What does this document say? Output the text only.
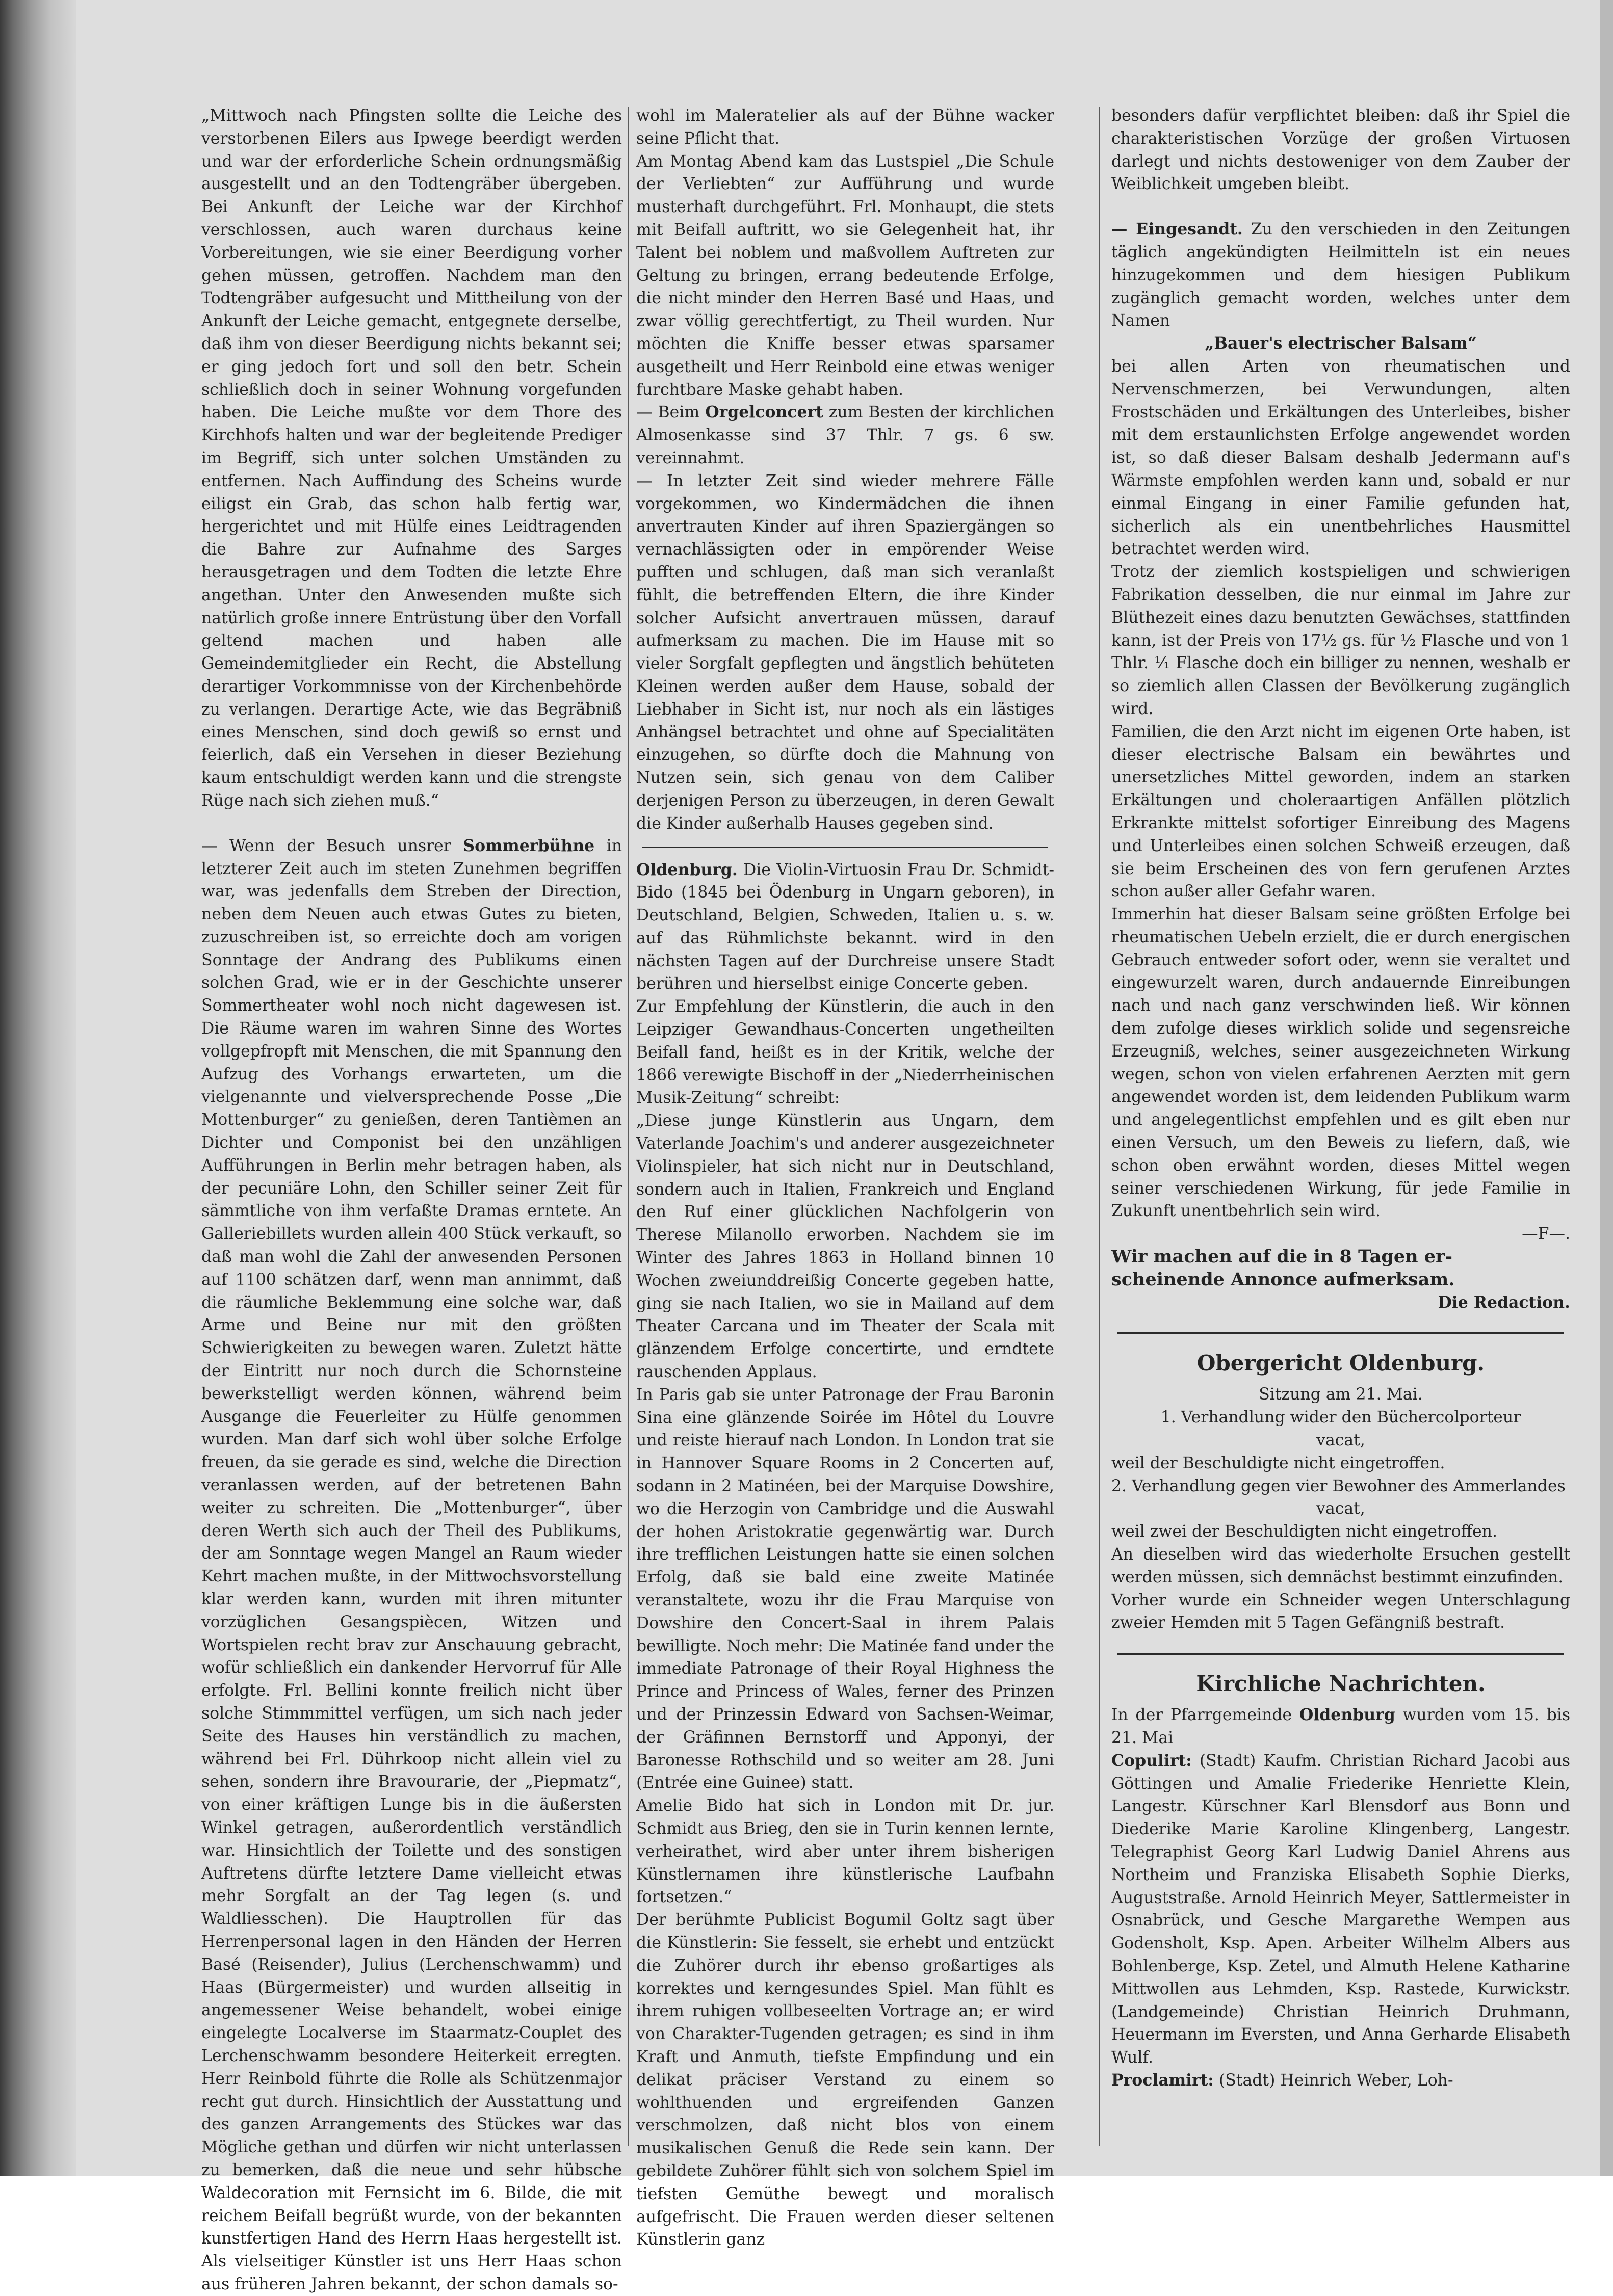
„Mittwoch nach Pfingsten sollte die Leiche des verstorbenen Eilers aus Ipwege beerdigt werden und war der erforderliche Schein ordnungsmäßig ausgestellt und an den Todtengräber übergeben. Bei Ankunft der Leiche war der Kirchhof verschlossen, auch waren durchaus keine Vorbereitungen, wie sie einer Beerdigung vorher gehen müssen, getroffen. Nachdem man den Todtengräber aufgesucht und Mittheilung von der Ankunft der Leiche gemacht, entgegnete derselbe, daß ihm von dieser Beerdigung nichts bekannt sei; er ging jedoch fort und soll den betr. Schein schließlich doch in seiner Wohnung vorgefunden haben. Die Leiche mußte vor dem Thore des Kirchhofs halten und war der begleitende Prediger im Begriff, sich unter solchen Umständen zu entfernen. Nach Auffindung des Scheins wurde eiligst ein Grab, das schon halb fertig war, hergerichtet und mit Hülfe eines Leidtragenden die Bahre zur Aufnahme des Sarges herausgetragen und dem Todten die letzte Ehre angethan. Unter den Anwesenden mußte sich natürlich große innere Entrüstung über den Vorfall geltend machen und haben alle Gemeindemitglieder ein Recht, die Abstellung derartiger Vorkommnisse von der Kirchenbehörde zu verlangen. Derartige Acte, wie das Begräbniß eines Menschen, sind doch gewiß so ernst und feierlich, daß ein Versehen in dieser Beziehung kaum entschuldigt werden kann und die strengste Rüge nach sich ziehen muß.“

— Wenn der Besuch unsrer Sommerbühne in letzterer Zeit auch im steten Zunehmen begriffen war, was jedenfalls dem Streben der Direction, neben dem Neuen auch etwas Gutes zu bieten, zuzuschreiben ist, so erreichte doch am vorigen Sonntage der Andrang des Publikums einen solchen Grad, wie er in der Geschichte unserer Sommertheater wohl noch nicht dagewesen ist. Die Räume waren im wahren Sinne des Wortes vollgepfropft mit Menschen, die mit Spannung den Aufzug des Vorhangs erwarteten, um die vielgenannte und vielversprechende Posse „Die Mottenburger“ zu genießen, deren Tantièmen an Dichter und Componist bei den unzähligen Aufführungen in Berlin mehr betragen haben, als der pecuniäre Lohn, den Schiller seiner Zeit für sämmtliche von ihm verfaßte Dramas erntete. An Galleriebillets wurden allein 400 Stück verkauft, so daß man wohl die Zahl der anwesenden Personen auf 1100 schätzen darf, wenn man annimmt, daß die räumliche Beklemmung eine solche war, daß Arme und Beine nur mit den größten Schwierigkeiten zu bewegen waren. Zuletzt hätte der Eintritt nur noch durch die Schornsteine bewerkstelligt werden können, während beim Ausgange die Feuerleiter zu Hülfe genommen wurden. Man darf sich wohl über solche Erfolge freuen, da sie gerade es sind, welche die Direction veranlassen werden, auf der betretenen Bahn weiter zu schreiten. Die „Mottenburger“, über deren Werth sich auch der Theil des Publikums, der am Sonntage wegen Mangel an Raum wieder Kehrt machen mußte, in der Mittwochsvorstellung klar werden kann, wurden mit ihren mitunter vorzüglichen Gesangspiècen, Witzen und Wortspielen recht brav zur Anschauung gebracht, wofür schließlich ein dankender Hervorruf für Alle erfolgte. Frl. Bellini konnte freilich nicht über solche Stimmmittel verfügen, um sich nach jeder Seite des Hauses hin verständlich zu machen, während bei Frl. Dührkoop nicht allein viel zu sehen, sondern ihre Bravourarie, der „Piepmatz“, von einer kräftigen Lunge bis in die äußersten Winkel getragen, außerordentlich verständlich war. Hinsichtlich der Toilette und des sonstigen Auftretens dürfte letztere Dame vielleicht etwas mehr Sorgfalt an der Tag legen (s. und Waldliesschen). Die Hauptrollen für das Herrenpersonal lagen in den Händen der Herren Basé (Reisender), Julius (Lerchenschwamm) und Haas (Bürgermeister) und wurden allseitig in angemessener Weise behandelt, wobei einige eingelegte Localverse im Staarmatz-Couplet des Lerchenschwamm besondere Heiterkeit erregten. Herr Reinbold führte die Rolle als Schützenmajor recht gut durch. Hinsichtlich der Ausstattung und des ganzen Arrangements des Stückes war das Mögliche gethan und dürfen wir nicht unterlassen zu bemerken, daß die neue und sehr hübsche Waldecoration mit Fernsicht im 6. Bilde, die mit reichem Beifall begrüßt wurde, von der bekannten kunstfertigen Hand des Herrn Haas hergestellt ist. Als vielseitiger Künstler ist uns Herr Haas schon aus früheren Jahren bekannt, der schon damals so-

wohl im Maleratelier als auf der Bühne wacker seine Pflicht that.

Am Montag Abend kam das Lustspiel „Die Schule der Verliebten“ zur Aufführung und wurde musterhaft durchgeführt. Frl. Monhaupt, die stets mit Beifall auftritt, wo sie Gelegenheit hat, ihr Talent bei noblem und maßvollem Auftreten zur Geltung zu bringen, errang bedeutende Erfolge, die nicht minder den Herren Basé und Haas, und zwar völlig gerechtfertigt, zu Theil wurden. Nur möchten die Kniffe besser etwas sparsamer ausgetheilt und Herr Reinbold eine etwas weniger furchtbare Maske gehabt haben.

— Beim Orgelconcert zum Besten der kirchlichen Almosenkasse sind 37 Thlr. 7 gs. 6 sw. vereinnahmt.

— In letzter Zeit sind wieder mehrere Fälle vorgekommen, wo Kindermädchen die ihnen anvertrauten Kinder auf ihren Spaziergängen so vernachlässigten oder in empörender Weise pufften und schlugen, daß man sich veranlaßt fühlt, die betreffenden Eltern, die ihre Kinder solcher Aufsicht anvertrauen müssen, darauf aufmerksam zu machen. Die im Hause mit so vieler Sorgfalt gepflegten und ängstlich behüteten Kleinen werden außer dem Hause, sobald der Liebhaber in Sicht ist, nur noch als ein lästiges Anhängsel betrachtet und ohne auf Specialitäten einzugehen, so dürfte doch die Mahnung von Nutzen sein, sich genau von dem Caliber derjenigen Person zu überzeugen, in deren Gewalt die Kinder außerhalb Hauses gegeben sind.

Oldenburg. Die Violin-Virtuosin Frau Dr. Schmidt-Bido (1845 bei Ödenburg in Ungarn geboren), in Deutschland, Belgien, Schweden, Italien u. s. w. auf das Rühmlichste bekannt. wird in den nächsten Tagen auf der Durchreise unsere Stadt berühren und hierselbst einige Concerte geben.

Zur Empfehlung der Künstlerin, die auch in den Leipziger Gewandhaus-Concerten ungetheilten Beifall fand, heißt es in der Kritik, welche der 1866 verewigte Bischoff in der „Niederrheinischen Musik-Zeitung“ schreibt:

„Diese junge Künstlerin aus Ungarn, dem Vaterlande Joachim's und anderer ausgezeichneter Violinspieler, hat sich nicht nur in Deutschland, sondern auch in Italien, Frankreich und England den Ruf einer glücklichen Nachfolgerin von Therese Milanollo erworben. Nachdem sie im Winter des Jahres 1863 in Holland binnen 10 Wochen zweiunddreißig Concerte gegeben hatte, ging sie nach Italien, wo sie in Mailand auf dem Theater Carcana und im Theater der Scala mit glänzendem Erfolge concertirte, und erndtete rauschenden Applaus.

In Paris gab sie unter Patronage der Frau Baronin Sina eine glänzende Soirée im Hôtel du Louvre und reiste hierauf nach London. In London trat sie in Hannover Square Rooms in 2 Concerten auf, sodann in 2 Matinéen, bei der Marquise Dowshire, wo die Herzogin von Cambridge und die Auswahl der hohen Aristokratie gegenwärtig war. Durch ihre trefflichen Leistungen hatte sie einen solchen Erfolg, daß sie bald eine zweite Matinée veranstaltete, wozu ihr die Frau Marquise von Dowshire den Concert-Saal in ihrem Palais bewilligte. Noch mehr: Die Matinée fand under the immediate Patronage of their Royal Highness the Prince and Princess of Wales, ferner des Prinzen und der Prinzessin Edward von Sachsen-Weimar, der Gräfinnen Bernstorff und Apponyi, der Baronesse Rothschild und so weiter am 28. Juni (Entrée eine Guinee) statt.

Amelie Bido hat sich in London mit Dr. jur. Schmidt aus Brieg, den sie in Turin kennen lernte, verheirathet, wird aber unter ihrem bisherigen Künstlernamen ihre künstlerische Laufbahn fortsetzen.“

Der berühmte Publicist Bogumil Goltz sagt über die Künstlerin: Sie fesselt, sie erhebt und entzückt die Zuhörer durch ihr ebenso großartiges als korrektes und kerngesundes Spiel. Man fühlt es ihrem ruhigen vollbeseelten Vortrage an; er wird von Charakter-Tugenden getragen; es sind in ihm Kraft und Anmuth, tiefste Empfindung und ein delikat präciser Verstand zu einem so wohlthuenden und ergreifenden Ganzen verschmolzen, daß nicht blos von einem musikalischen Genuß die Rede sein kann. Der gebildete Zuhörer fühlt sich von solchem Spiel im tiefsten Gemüthe bewegt und moralisch aufgefrischt. Die Frauen werden dieser seltenen Künstlerin ganz

besonders dafür verpflichtet bleiben: daß ihr Spiel die charakteristischen Vorzüge der großen Virtuosen darlegt und nichts destoweniger von dem Zauber der Weiblichkeit umgeben bleibt.

— Eingesandt. Zu den verschieden in den Zeitungen täglich angekündigten Heilmitteln ist ein neues hinzugekommen und dem hiesigen Publikum zugänglich gemacht worden, welches unter dem Namen

„Bauer's electrischer Balsam“

bei allen Arten von rheumatischen und Nervenschmerzen, bei Verwundungen, alten Frostschäden und Erkältungen des Unterleibes, bisher mit dem erstaunlichsten Erfolge angewendet worden ist, so daß dieser Balsam deshalb Jedermann auf's Wärmste empfohlen werden kann und, sobald er nur einmal Eingang in einer Familie gefunden hat, sicherlich als ein unentbehrliches Hausmittel betrachtet werden wird.

Trotz der ziemlich kostspieligen und schwierigen Fabrikation desselben, die nur einmal im Jahre zur Blüthezeit eines dazu benutzten Gewächses, stattfinden kann, ist der Preis von 17½ gs. für ½ Flasche und von 1 Thlr. ¹⁄₁ Flasche doch ein billiger zu nennen, weshalb er so ziemlich allen Classen der Bevölkerung zugänglich wird.

Familien, die den Arzt nicht im eigenen Orte haben, ist dieser electrische Balsam ein bewährtes und unersetzliches Mittel geworden, indem an starken Erkältungen und choleraartigen Anfällen plötzlich Erkrankte mittelst sofortiger Einreibung des Magens und Unterleibes einen solchen Schweiß erzeugen, daß sie beim Erscheinen des von fern gerufenen Arztes schon außer aller Gefahr waren.

Immerhin hat dieser Balsam seine größten Erfolge bei rheumatischen Uebeln erzielt, die er durch energischen Gebrauch entweder sofort oder, wenn sie veraltet und eingewurzelt waren, durch andauernde Einreibungen nach und nach ganz verschwinden ließ. Wir können dem zufolge dieses wirklich solide und segensreiche Erzeugniß, welches, seiner ausgezeichneten Wirkung wegen, schon von vielen erfahrenen Aerzten mit gern angewendet worden ist, dem leidenden Publikum warm und angelegentlichst empfehlen und es gilt eben nur einen Versuch, um den Beweis zu liefern, daß, wie schon oben erwähnt worden, dieses Mittel wegen seiner verschiedenen Wirkung, für jede Familie in Zukunft unentbehrlich sein wird.

—F—.

Wir machen auf die in 8 Tagen er-

scheinende Annonce aufmerksam.

Die Redaction.

Obergericht Oldenburg.

Sitzung am 21. Mai.

1. Verhandlung wider den Büchercolporteur

vacat,

weil der Beschuldigte nicht eingetroffen.

2. Verhandlung gegen vier Bewohner des Ammerlandes

vacat,

weil zwei der Beschuldigten nicht eingetroffen.

An dieselben wird das wiederholte Ersuchen gestellt werden müssen, sich demnächst bestimmt einzufinden.

Vorher wurde ein Schneider wegen Unterschlagung zweier Hemden mit 5 Tagen Gefängniß bestraft.

Kirchliche Nachrichten.

In der Pfarrgemeinde Oldenburg wurden vom 15. bis 21. Mai

Copulirt: (Stadt) Kaufm. Christian Richard Jacobi aus Göttingen und Amalie Friederike Henriette Klein, Langestr. Kürschner Karl Blensdorf aus Bonn und Diederike Marie Karoline Klingenberg, Langestr. Telegraphist Georg Karl Ludwig Daniel Ahrens aus Northeim und Franziska Elisabeth Sophie Dierks, Auguststraße. Arnold Heinrich Meyer, Sattlermeister in Osnabrück, und Gesche Margarethe Wempen aus Godensholt, Ksp. Apen. Arbeiter Wilhelm Albers aus Bohlenberge, Ksp. Zetel, und Almuth Helene Katharine Mittwollen aus Lehmden, Ksp. Rastede, Kurwickstr. (Landgemeinde) Christian Heinrich Druhmann, Heuermann im Eversten, und Anna Gerharde Elisabeth Wulf.

Proclamirt: (Stadt) Heinrich Weber, Loh-
